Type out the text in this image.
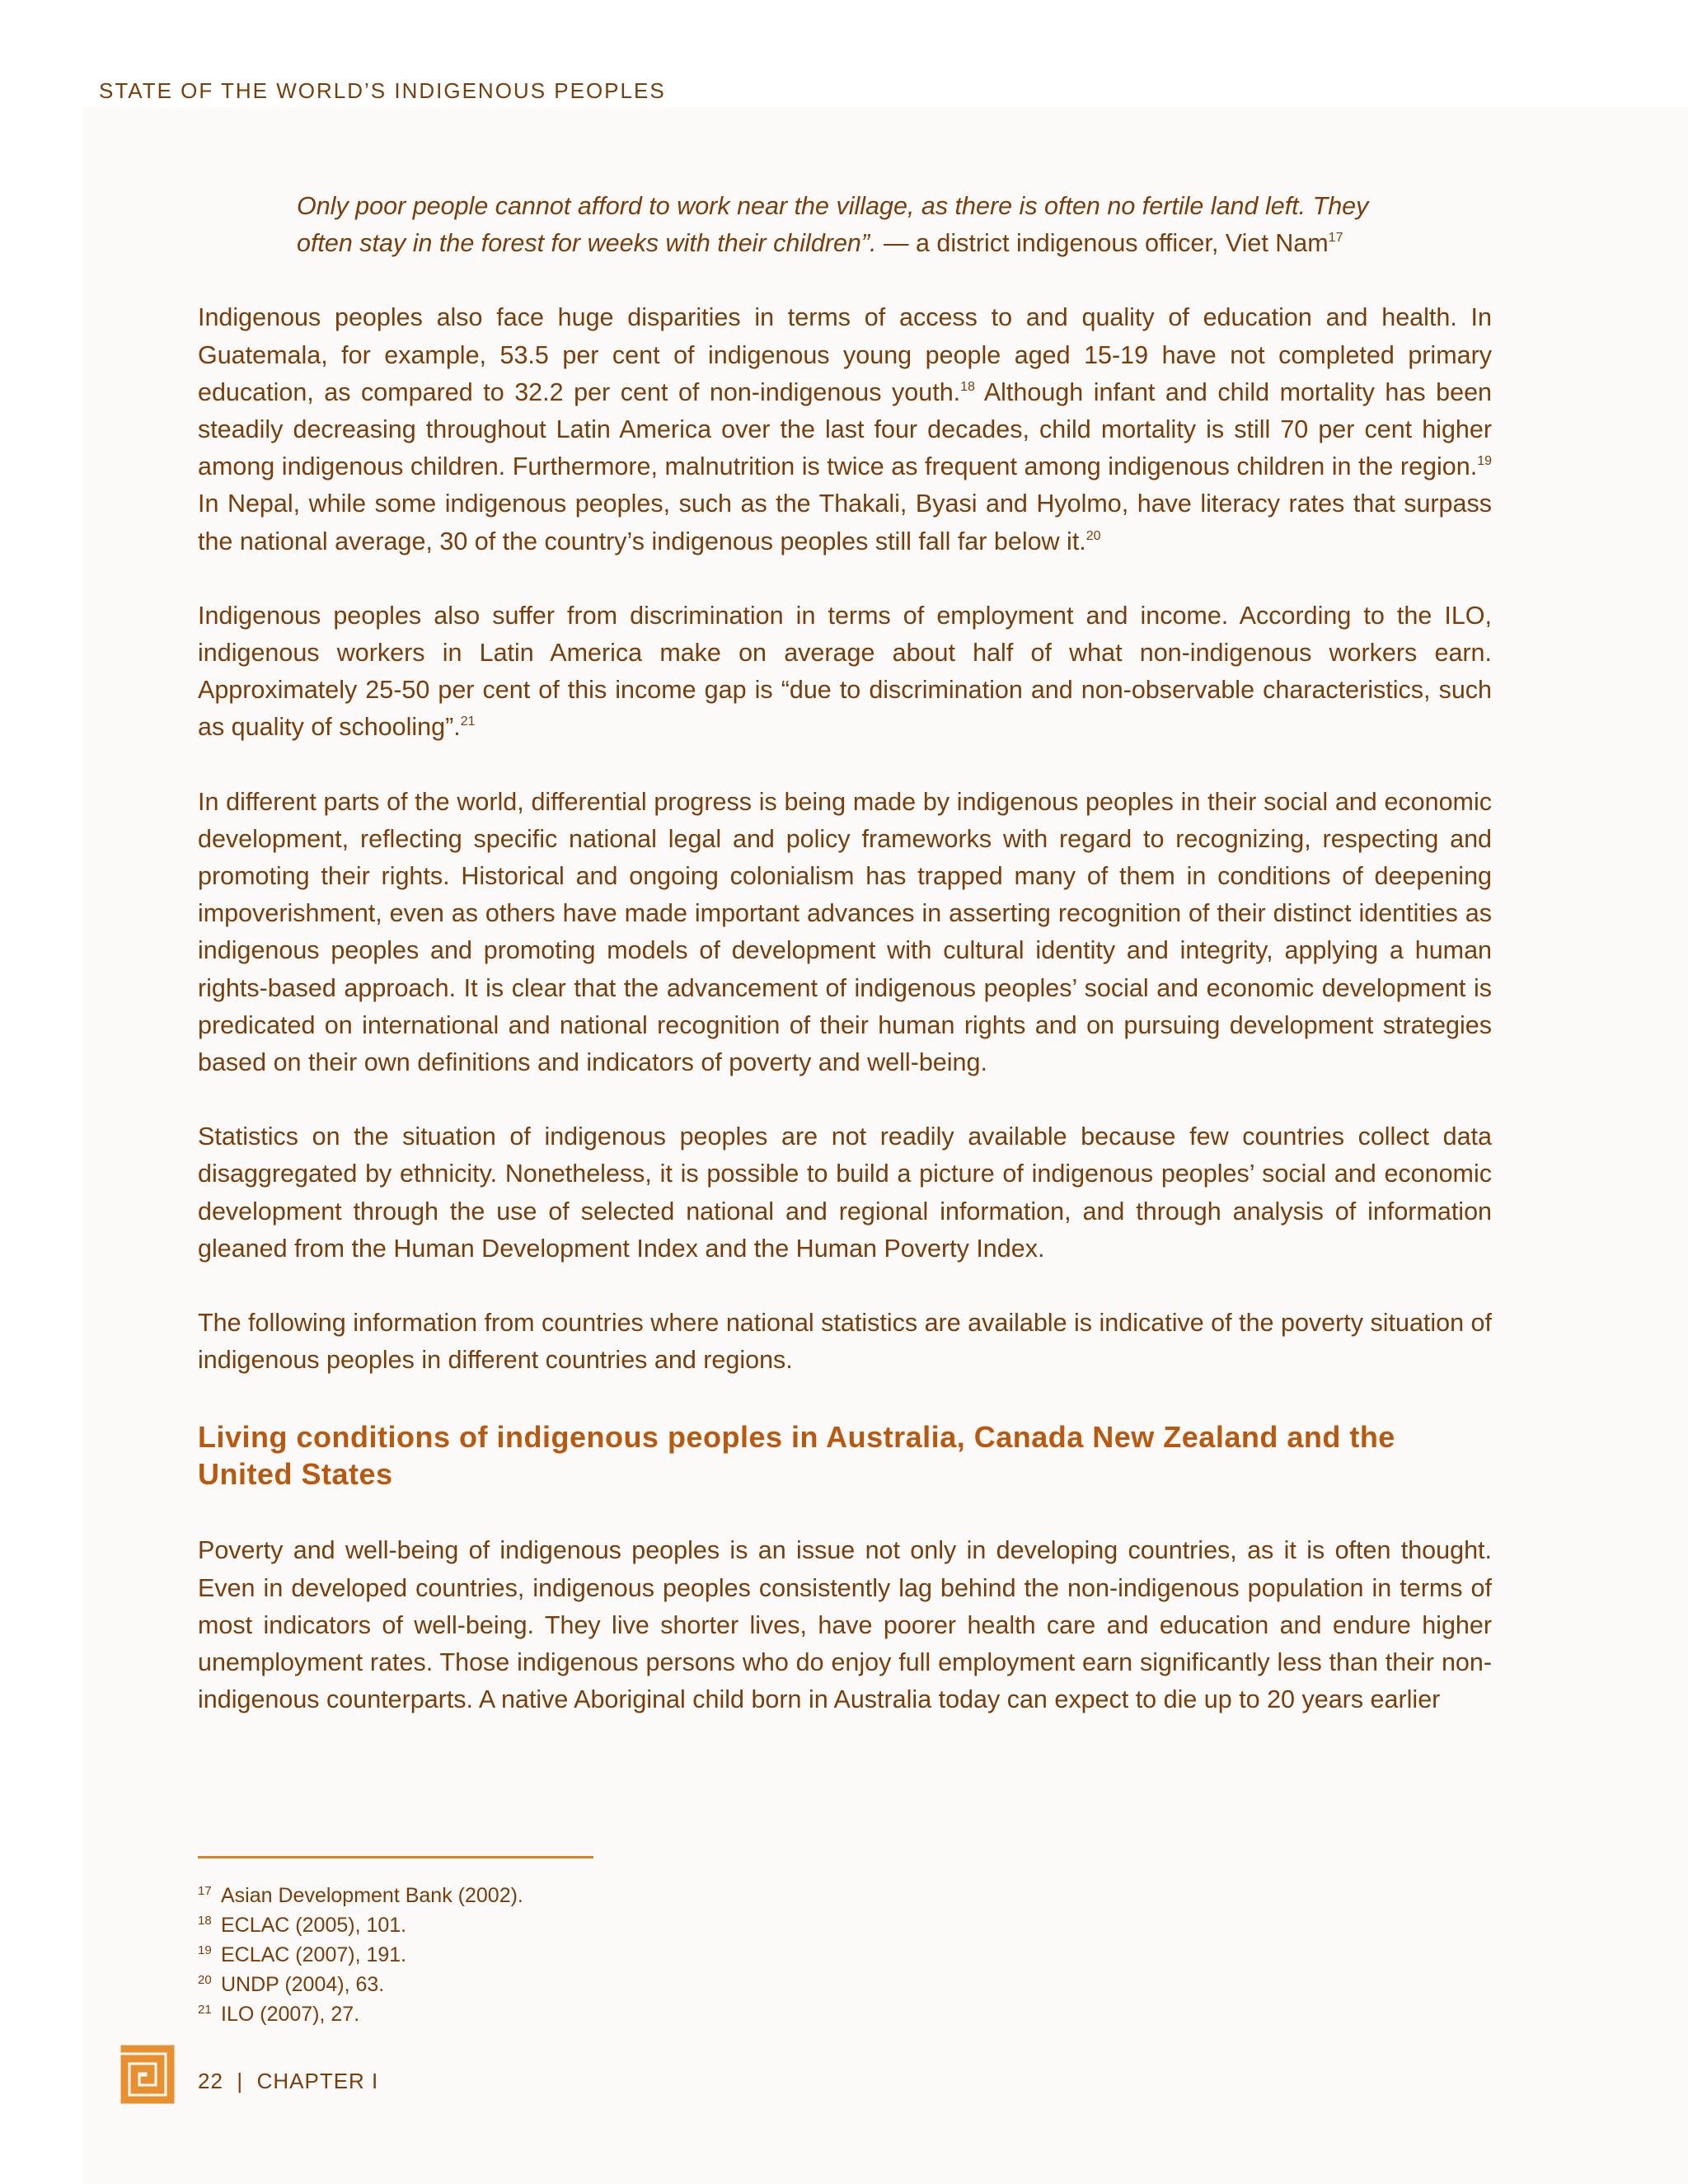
STATE OF THE WORLD’S INDIGENOUS PEOPLES
Only poor people cannot afford to work near the village, as there is often no fertile land left. They often stay in the forest for weeks with their children”. — a district indigenous officer, Viet Nam$^{17}$

Indigenous peoples also face huge disparities in terms of access to and quality of education and health. In Guatemala, for example, 53.5 per cent of indigenous young people aged 15-19 have not completed primary education, as compared to 32.2 per cent of non-indigenous youth.$^{18}$ Although infant and child mortality has been steadily decreasing throughout Latin America over the last four decades, child mortality is still 70 per cent higher among indigenous children. Furthermore, malnutrition is twice as frequent among indigenous children in the region.$^{19}$ In Nepal, while some indigenous peoples, such as the Thakali, Byasi and Hyolmo, have literacy rates that surpass the national average, 30 of the country’s indigenous peoples still fall far below it.$^{20}$

Indigenous peoples also suffer from discrimination in terms of employment and income. According to the ILO, indigenous workers in Latin America make on average about half of what non-indigenous workers earn. Approximately 25-50 per cent of this income gap is “due to discrimination and non-observable characteristics, such as quality of schooling”.$^{21}$

In different parts of the world, differential progress is being made by indigenous peoples in their social and economic development, reflecting specific national legal and policy frameworks with regard to recognizing, respecting and promoting their rights. Historical and ongoing colonialism has trapped many of them in conditions of deepening impoverishment, even as others have made important advances in asserting recognition of their distinct identities as indigenous peoples and promoting models of development with cultural identity and integrity, applying a human rights-based approach. It is clear that the advancement of indigenous peoples’ social and economic development is predicated on international and national recognition of their human rights and on pursuing development strategies based on their own definitions and indicators of poverty and well-being.

Statistics on the situation of indigenous peoples are not readily available because few countries collect data disaggregated by ethnicity. Nonetheless, it is possible to build a picture of indigenous peoples’ social and economic development through the use of selected national and regional information, and through analysis of information gleaned from the Human Development Index and the Human Poverty Index.

The following information from countries where national statistics are available is indicative of the poverty situation of indigenous peoples in different countries and regions.

Living conditions of indigenous peoples in Australia, Canada New Zealand and the United States

Poverty and well-being of indigenous peoples is an issue not only in developing countries, as it is often thought. Even in developed countries, indigenous peoples consistently lag behind the non-indigenous population in terms of most indicators of well-being. They live shorter lives, have poorer health care and education and endure higher unemployment rates. Those indigenous persons who do enjoy full employment earn significantly less than their non-indigenous counterparts. A native Aboriginal child born in Australia today can expect to die up to 20 years earlier

17 Asian Development Bank (2002).
18 ECLAC (2005), 101.
19 ECLAC (2007), 191.
20 UNDP (2004), 63.
21 ILO (2007), 27.
22 | CHAPTER I
